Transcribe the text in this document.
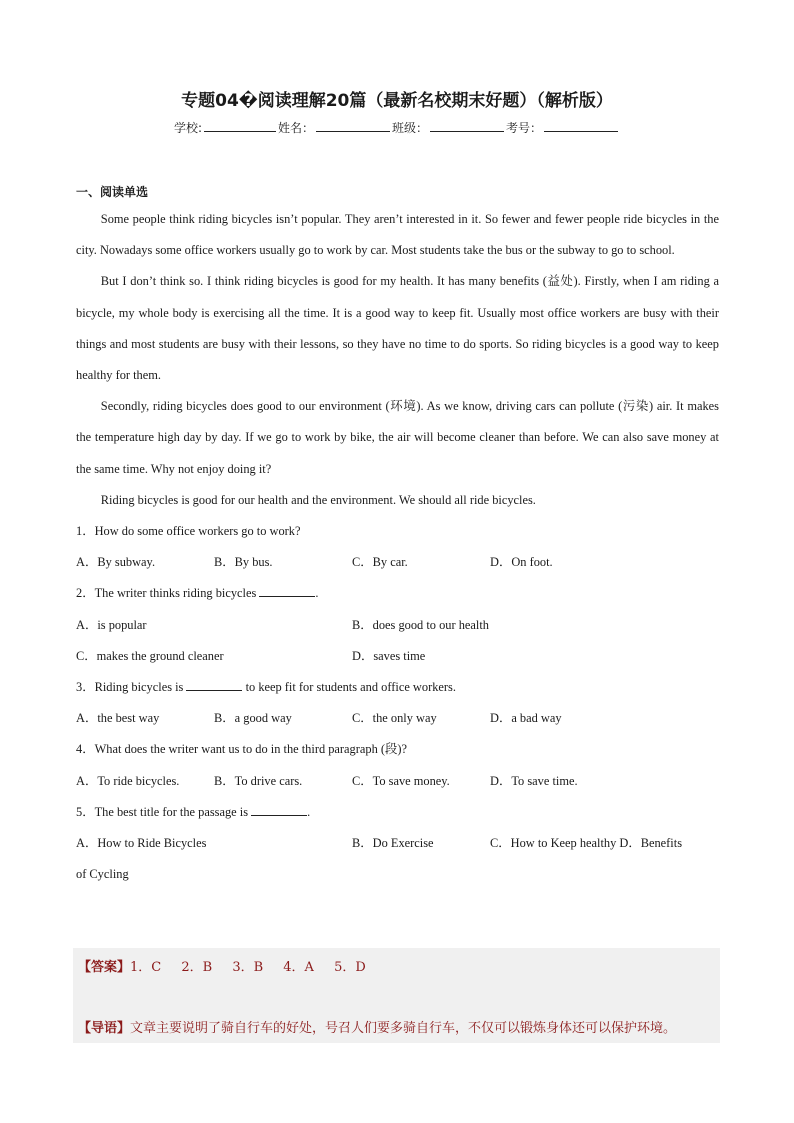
专题04�阅读理解20篇（最新名校期末好题）（解析版）
学校:	姓名：	班级：	考号：
一、阅读单选

Some people think riding bicycles isn’t popular. They aren’t interested in it. So fewer and fewer people ride bicycles in the city. Nowadays some office workers usually go to work by car. Most students take the bus or the subway to go to school.

But I don’t think so. I think riding bicycles is good for my health. It has many benefits (益处). Firstly, when I am riding a bicycle, my whole body is exercising all the time. It is a good way to keep fit. Usually most office workers are busy with their things and most students are busy with their lessons, so they have no time to do sports. So riding bicycles is a good way to keep healthy for them.

Secondly, riding bicycles does good to our environment (环境). As we know, driving cars can pollute (污染) air. It makes the temperature high day by day. If we go to work by bike, the air will become cleaner than before. We can also save money at the same time. Why not enjoy doing it?

Riding bicycles is good for our health and the environment. We should all ride bicycles.

1．How do some office workers go to work?

A．By subway.	B．By bus.	C．By car.	D．On foot.

2．The writer thinks riding bicycles	.

A．is popular	B．does good to our health
C．makes the ground cleaner	D．saves time

3．Riding bicycles is	to keep fit for students and office workers.

A．the best way	B．a good way	C．the only way	D．a bad way

4．What does the writer want us to do in the third paragraph (段)?

A．To ride bicycles.	B．To drive cars.	C．To save money.	D．To save time.

5．The best title for the passage is	.

A．How to Ride Bicycles	B．Do Exercise	C．How to Keep healthy D．Benefits

of Cycling

【答案】1．C 2．B 3．B 4．A 5．D
【导语】文章主要说明了骑自行车的好处，号召人们要多骑自行车，不仅可以锻炼身体还可以保护环境。
